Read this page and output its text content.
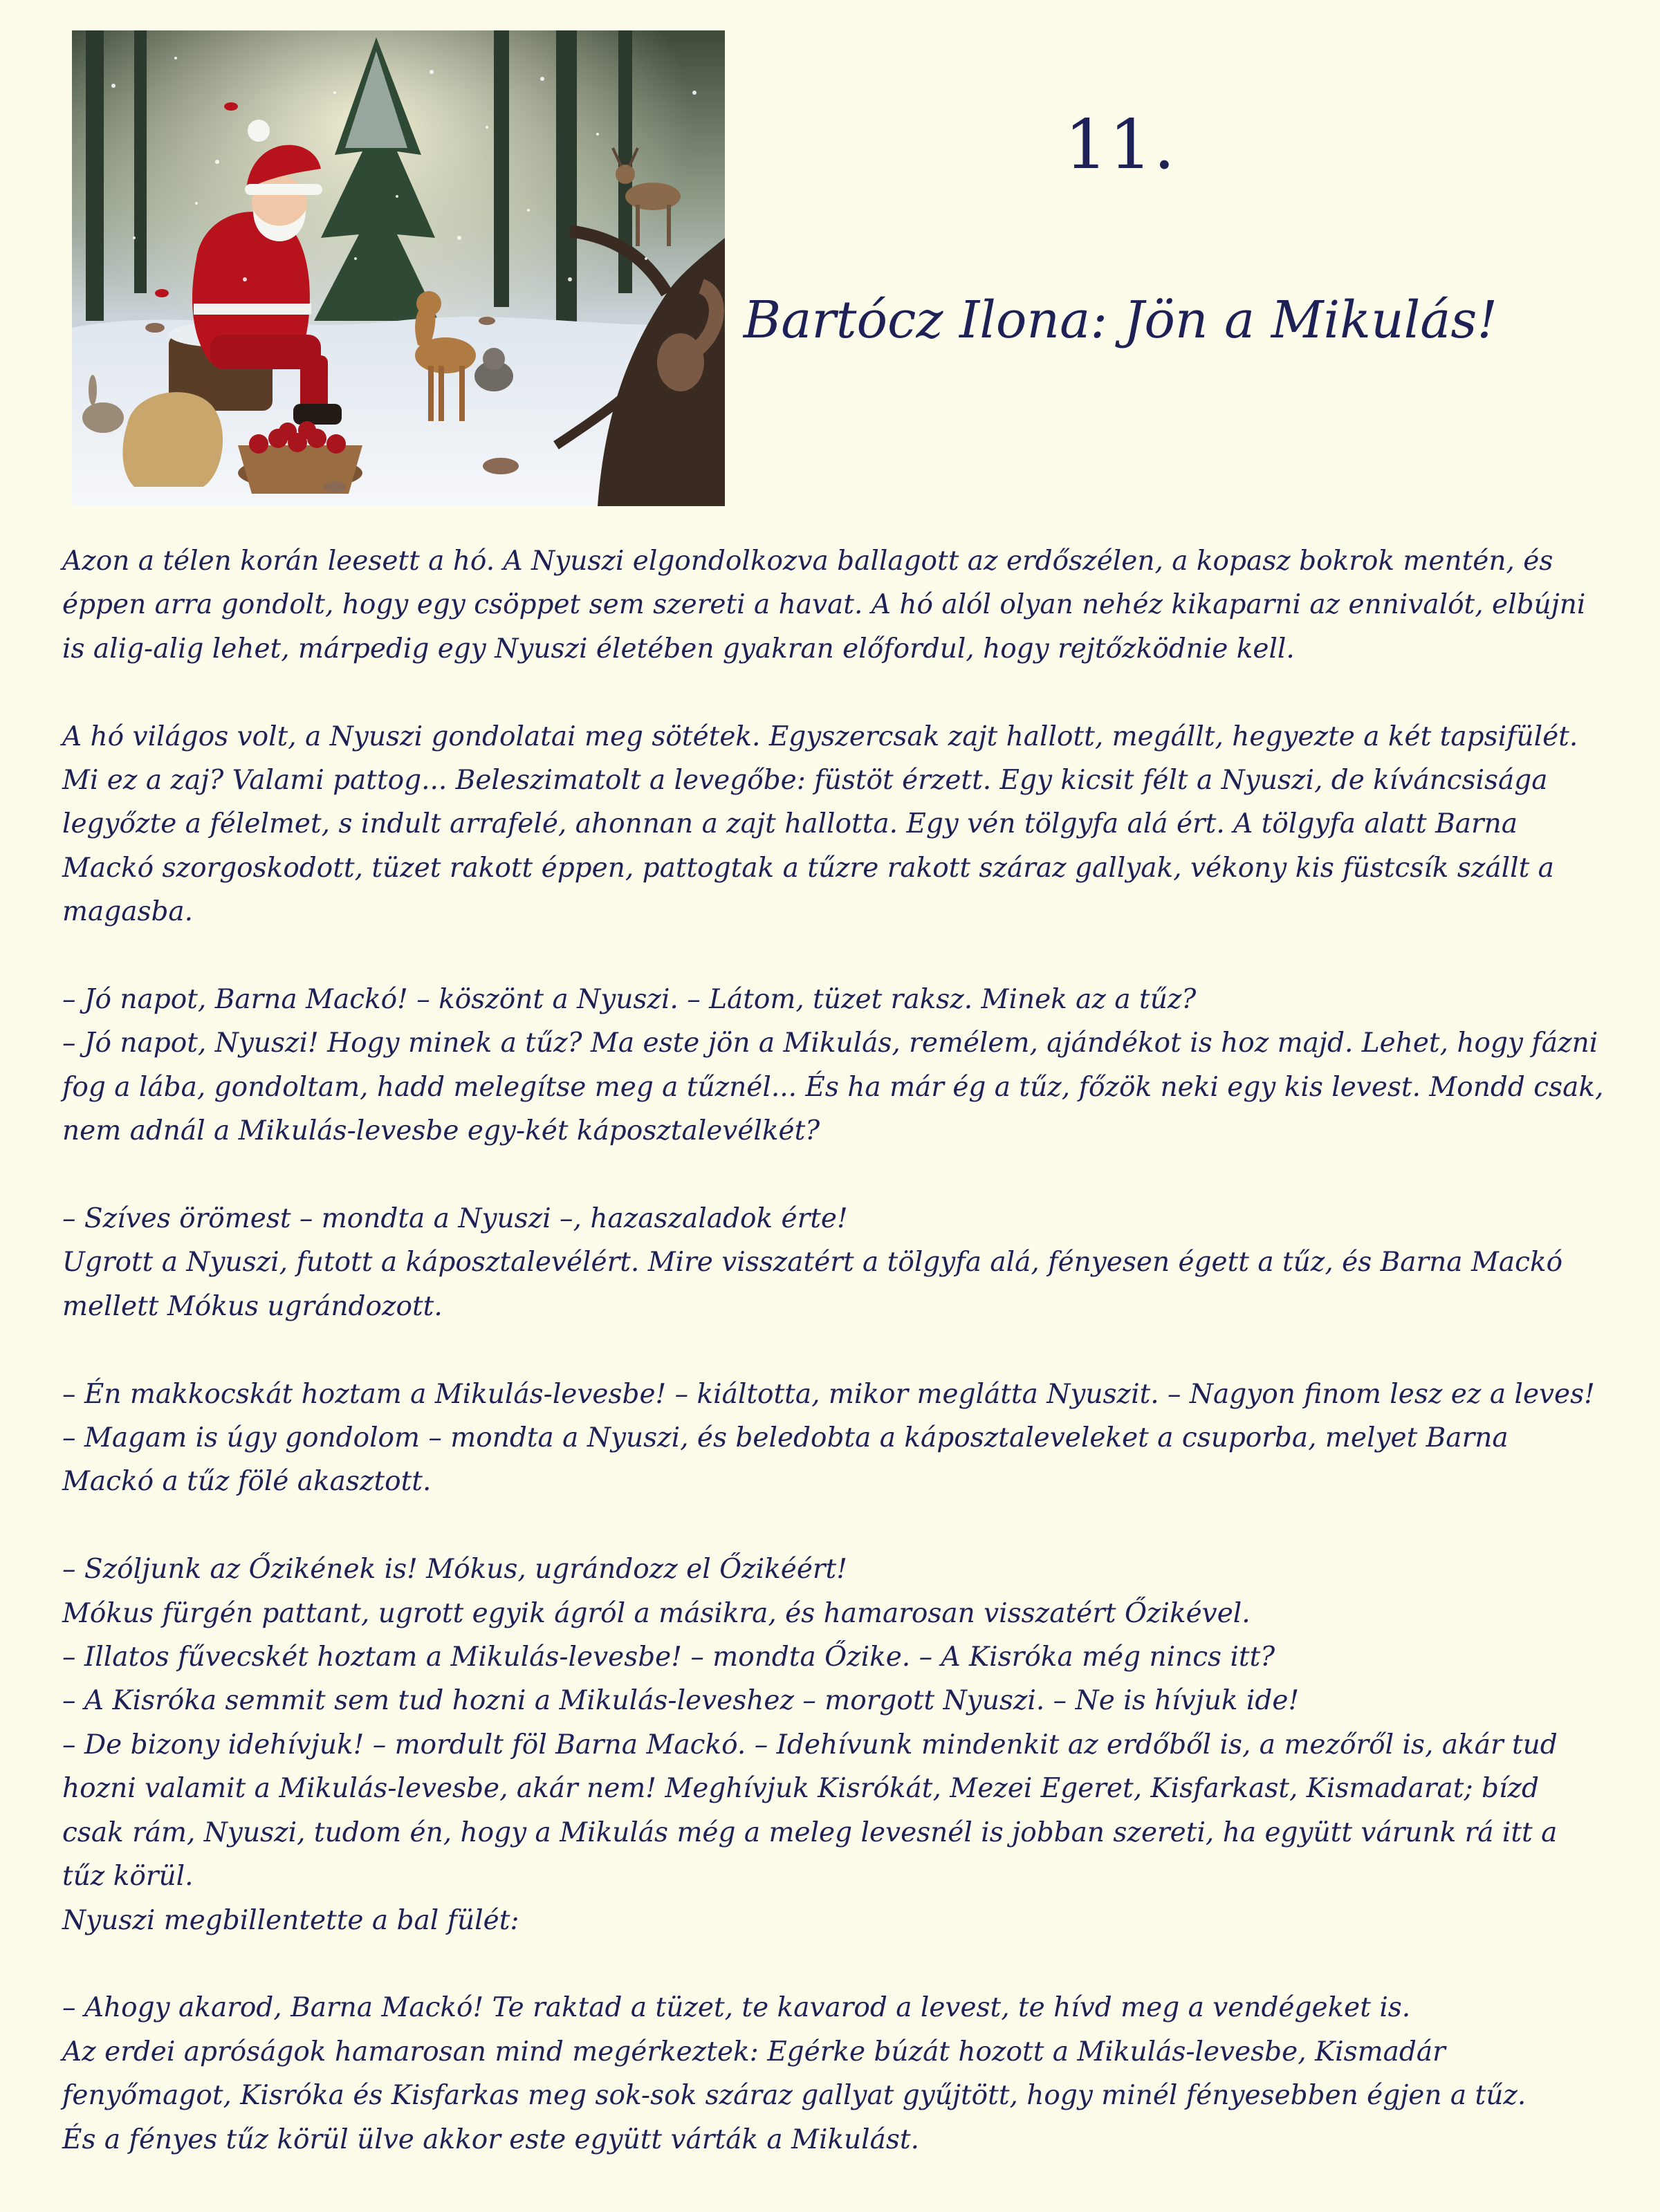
11.
Bartócz Ilona: Jön a Mikulás!

Azon a télen korán leesett a hó. A Nyuszi elgondolkozva ballagott az erdőszélen, a kopasz bokrok mentén, és éppen arra gondolt, hogy egy csöppet sem szereti a havat. A hó alól olyan nehéz kikaparni az ennivalót, elbújni is alig-alig lehet, márpedig egy Nyuszi életében gyakran előfordul, hogy rejtőzködnie kell.

A hó világos volt, a Nyuszi gondolatai meg sötétek. Egyszercsak zajt hallott, megállt, hegyezte a két tapsifülét. Mi ez a zaj? Valami pattog... Beleszimatolt a levegőbe: füstöt érzett. Egy kicsit félt a Nyuszi, de kíváncsisága legyőzte a félelmet, s indult arrafelé, ahonnan a zajt hallotta. Egy vén tölgyfa alá ért. A tölgyfa alatt Barna Mackó szorgoskodott, tüzet rakott éppen, pattogtak a tűzre rakott száraz gallyak, vékony kis füstcsík szállt a magasba.

– Jó napot, Barna Mackó! – köszönt a Nyuszi. – Látom, tüzet raksz. Minek az a tűz?

– Jó napot, Nyuszi! Hogy minek a tűz? Ma este jön a Mikulás, remélem, ajándékot is hoz majd. Lehet, hogy fázni fog a lába, gondoltam, hadd melegítse meg a tűznél... És ha már ég a tűz, főzök neki egy kis levest. Mondd csak, nem adnál a Mikulás-levesbe egy-két káposztalevélkét?

– Szíves örömest – mondta a Nyuszi –, hazaszaladok érte!

Ugrott a Nyuszi, futott a káposztalevélért. Mire visszatért a tölgyfa alá, fényesen égett a tűz, és Barna Mackó mellett Mókus ugrándozott.

– Én makkocskát hoztam a Mikulás-levesbe! – kiáltotta, mikor meglátta Nyuszit. – Nagyon finom lesz ez a leves!

– Magam is úgy gondolom – mondta a Nyuszi, és beledobta a káposztaleveleket a csuporba, melyet Barna Mackó a tűz fölé akasztott.

– Szóljunk az Őzikének is! Mókus, ugrándozz el Őzikéért!

Mókus fürgén pattant, ugrott egyik ágról a másikra, és hamarosan visszatért Őzikével.

– Illatos fűvecskét hoztam a Mikulás-levesbe! – mondta Őzike. – A Kisróka még nincs itt?

– A Kisróka semmit sem tud hozni a Mikulás-leveshez – morgott Nyuszi. – Ne is hívjuk ide!

– De bizony idehívjuk! – mordult föl Barna Mackó. – Idehívunk mindenkit az erdőből is, a mezőről is, akár tud hozni valamit a Mikulás-levesbe, akár nem! Meghívjuk Kisrókát, Mezei Egeret, Kisfarkast, Kismadarat; bízd csak rám, Nyuszi, tudom én, hogy a Mikulás még a meleg levesnél is jobban szereti, ha együtt várunk rá itt a tűz körül.

Nyuszi megbillentette a bal fülét:

– Ahogy akarod, Barna Mackó! Te raktad a tüzet, te kavarod a levest, te hívd meg a vendégeket is.

Az erdei apróságok hamarosan mind megérkeztek: Egérke búzát hozott a Mikulás-levesbe, Kismadár fenyőmagot, Kisróka és Kisfarkas meg sok-sok száraz gallyat gyűjtött, hogy minél fényesebben égjen a tűz.

És a fényes tűz körül ülve akkor este együtt várták a Mikulást.
